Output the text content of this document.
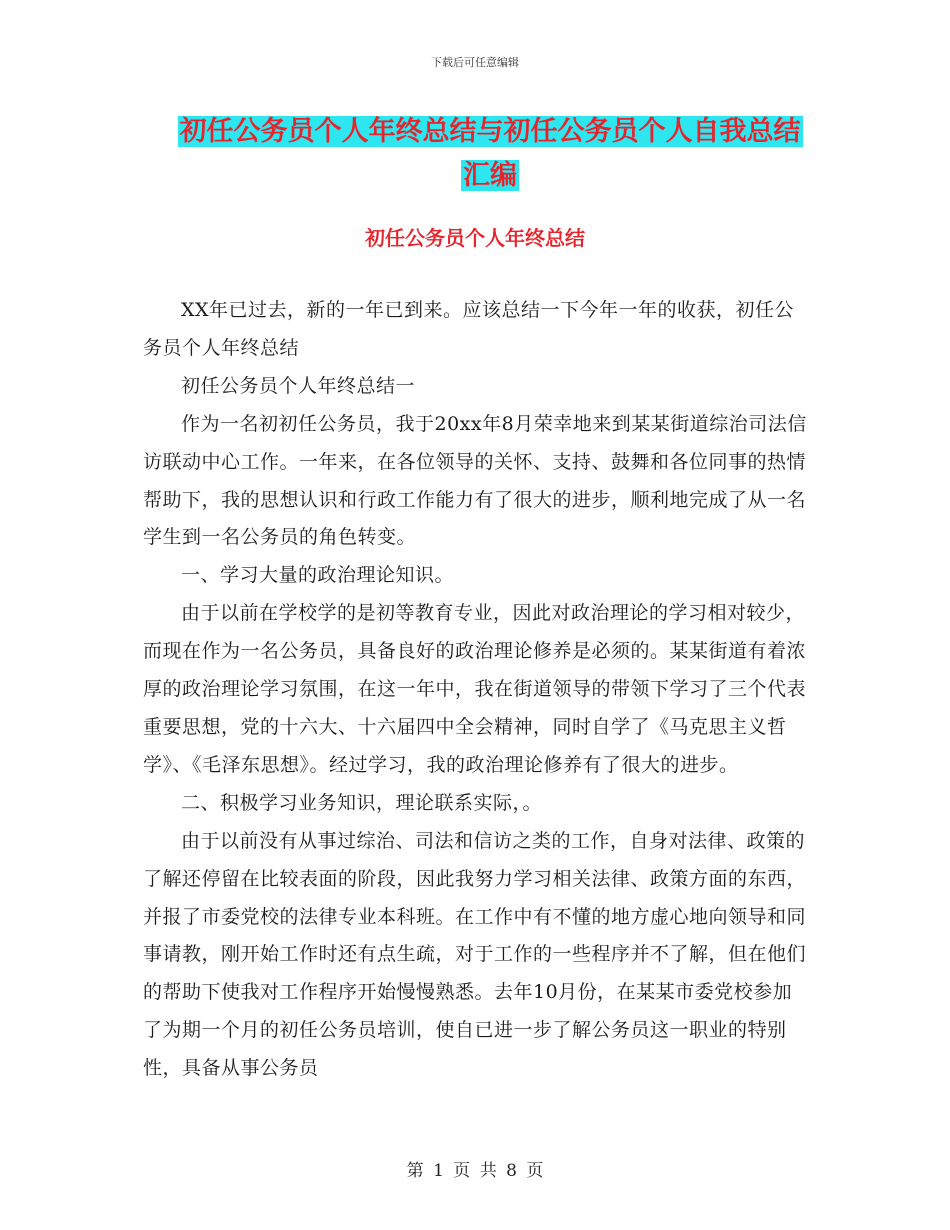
下载后可任意编辑
初任公务员个人年终总结与初任公务员个人自我总结
汇编
初任公务员个人年终总结

XX年已过去，新的一年已到来。应该总结一下今年一年的收获，初任公务员个人年终总结

初任公务员个人年终总结一

作为一名初初任公务员，我于20xx年8月荣幸地来到某某街道综治司法信访联动中心工作。一年来，在各位领导的关怀、支持、鼓舞和各位同事的热情帮助下，我的思想认识和行政工作能力有了很大的进步，顺利地完成了从一名学生到一名公务员的角色转变。

一、学习大量的政治理论知识。

由于以前在学校学的是初等教育专业，因此对政治理论的学习相对较少，而现在作为一名公务员，具备良好的政治理论修养是必须的。某某街道有着浓厚的政治理论学习氛围，在这一年中，我在街道领导的带领下学习了三个代表重要思想，党的十六大、十六届四中全会精神，同时自学了《马克思主义哲学》、《毛泽东思想》。经过学习，我的政治理论修养有了很大的进步。

二、积极学习业务知识，理论联系实际，。

由于以前没有从事过综治、司法和信访之类的工作，自身对法律、政策的了解还停留在比较表面的阶段，因此我努力学习相关法律、政策方面的东西，并报了市委党校的法律专业本科班。在工作中有不懂的地方虚心地向领导和同事请教，刚开始工作时还有点生疏，对于工作的一些程序并不了解，但在他们的帮助下使我对工作程序开始慢慢熟悉。去年10月份，在某某市委党校参加了为期一个月的初任公务员培训，使自已进一步了解公务员这一职业的特别性，具备从事公务员

第 1 页 共 8 页
